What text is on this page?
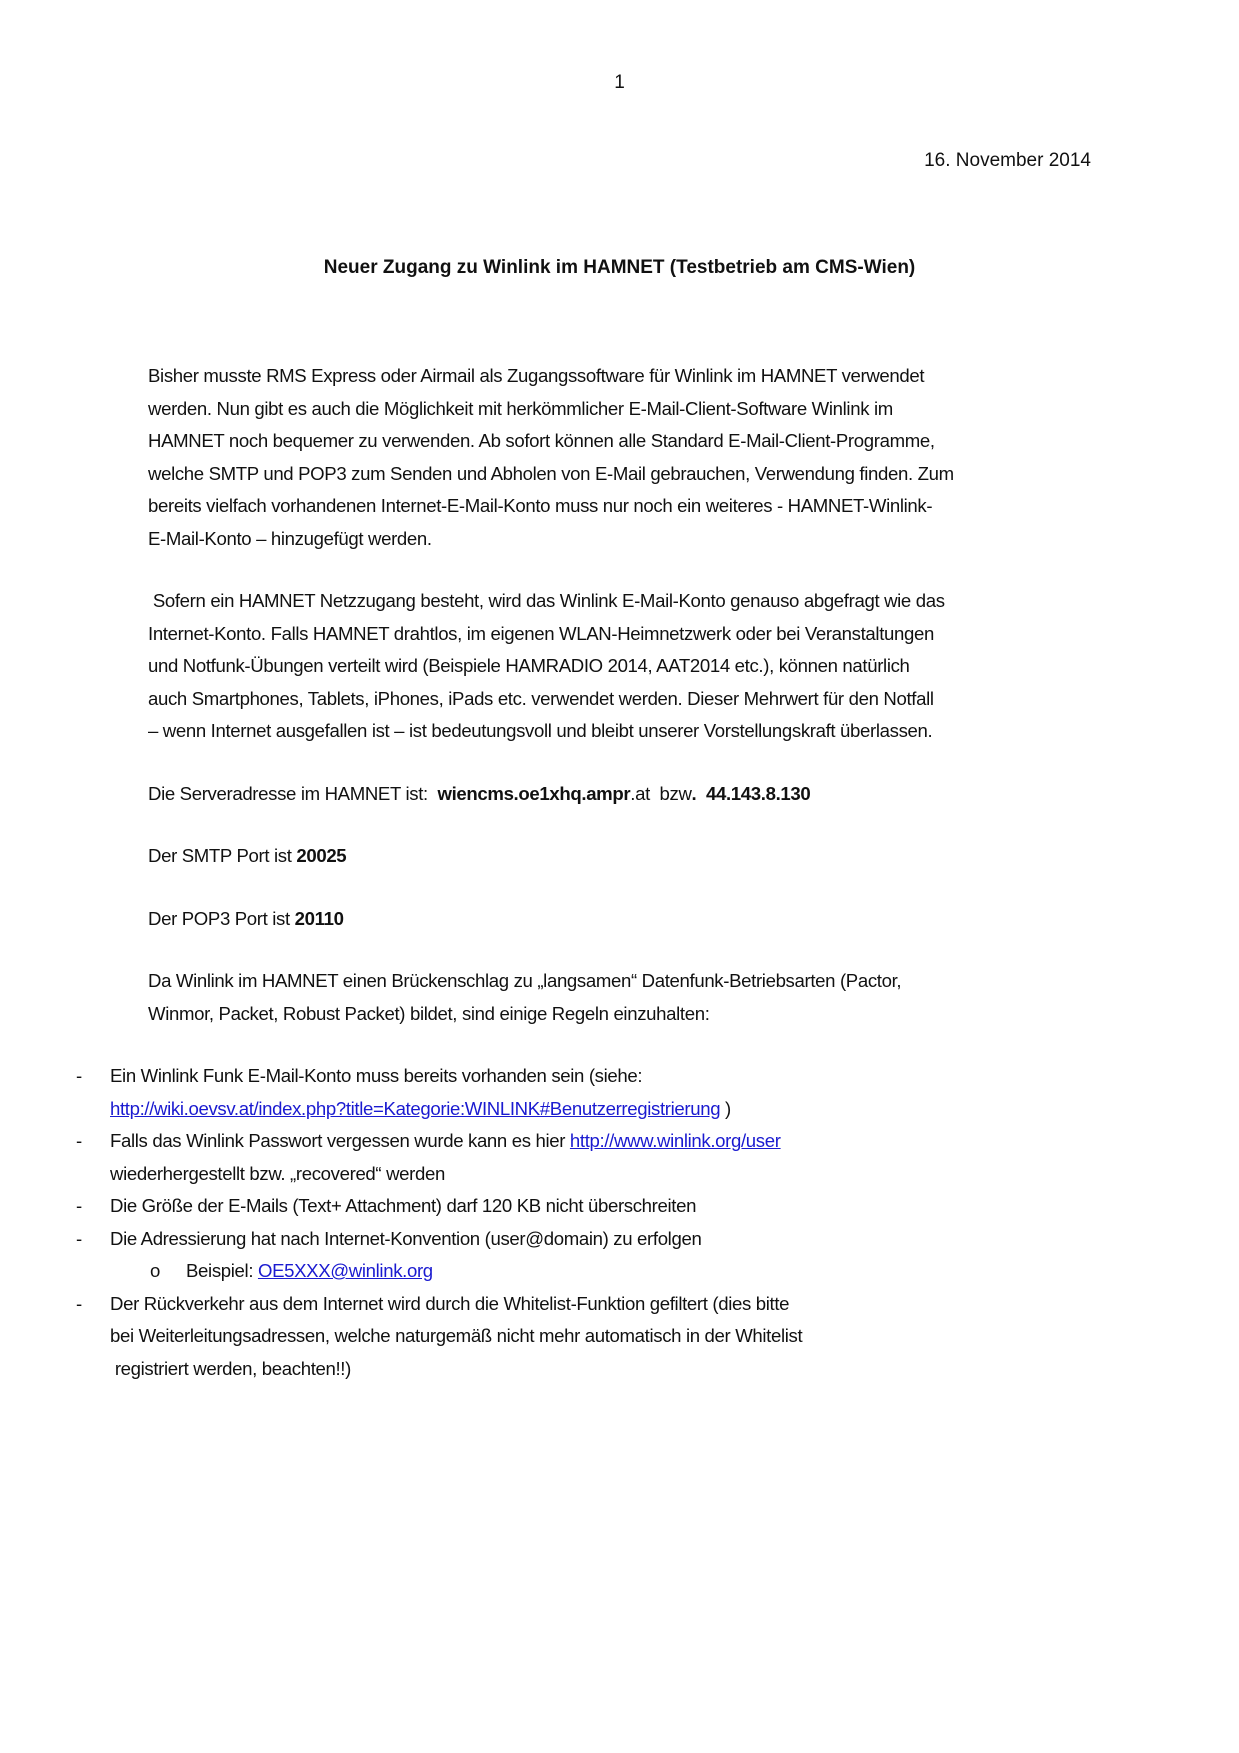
1
16. November 2014
Neuer Zugang zu Winlink im HAMNET (Testbetrieb am CMS-Wien)

Bisher musste RMS Express oder Airmail als Zugangssoftware für Winlink im HAMNET verwendet
werden. Nun gibt es auch die Möglichkeit mit herkömmlicher E-Mail-Client-Software Winlink im
HAMNET noch bequemer zu verwenden. Ab sofort können alle Standard E-Mail-Client-Programme,
welche SMTP und POP3 zum Senden und Abholen von E-Mail gebrauchen, Verwendung finden. Zum
bereits vielfach vorhandenen Internet-E-Mail-Konto muss nur noch ein weiteres - HAMNET-Winlink-
E-Mail-Konto – hinzugefügt werden.

Sofern ein HAMNET Netzzugang besteht, wird das Winlink E-Mail-Konto genauso abgefragt wie das
Internet-Konto. Falls HAMNET drahtlos, im eigenen WLAN-Heimnetzwerk oder bei Veranstaltungen
und Notfunk-Übungen verteilt wird (Beispiele HAMRADIO 2014, AAT2014 etc.), können natürlich
auch Smartphones, Tablets, iPhones, iPads etc. verwendet werden. Dieser Mehrwert für den Notfall
– wenn Internet ausgefallen ist – ist bedeutungsvoll und bleibt unserer Vorstellungskraft überlassen.

Die Serveradresse im HAMNET ist:  wiencms.oe1xhq.ampr.at  bzw.  44.143.8.130

Der SMTP Port ist 20025

Der POP3 Port ist 20110

Da Winlink im HAMNET einen Brückenschlag zu „langsamen“ Datenfunk-Betriebsarten (Pactor,
Winmor, Packet, Robust Packet) bildet, sind einige Regeln einzuhalten:

- Ein Winlink Funk E-Mail-Konto muss bereits vorhanden sein (siehe:
http://wiki.oevsv.at/index.php?title=Kategorie:WINLINK#Benutzerregistrierung )
- Falls das Winlink Passwort vergessen wurde kann es hier http://www.winlink.org/user
wiederhergestellt bzw. „recovered“ werden
- Die Größe der E-Mails (Text+ Attachment) darf 120 KB nicht überschreiten
- Die Adressierung hat nach Internet-Konvention (user@domain) zu erfolgen
o Beispiel: OE5XXX@winlink.org
- Der Rückverkehr aus dem Internet wird durch die Whitelist-Funktion gefiltert (dies bitte
bei Weiterleitungsadressen, welche naturgemäß nicht mehr automatisch in der Whitelist
registriert werden, beachten!!)
